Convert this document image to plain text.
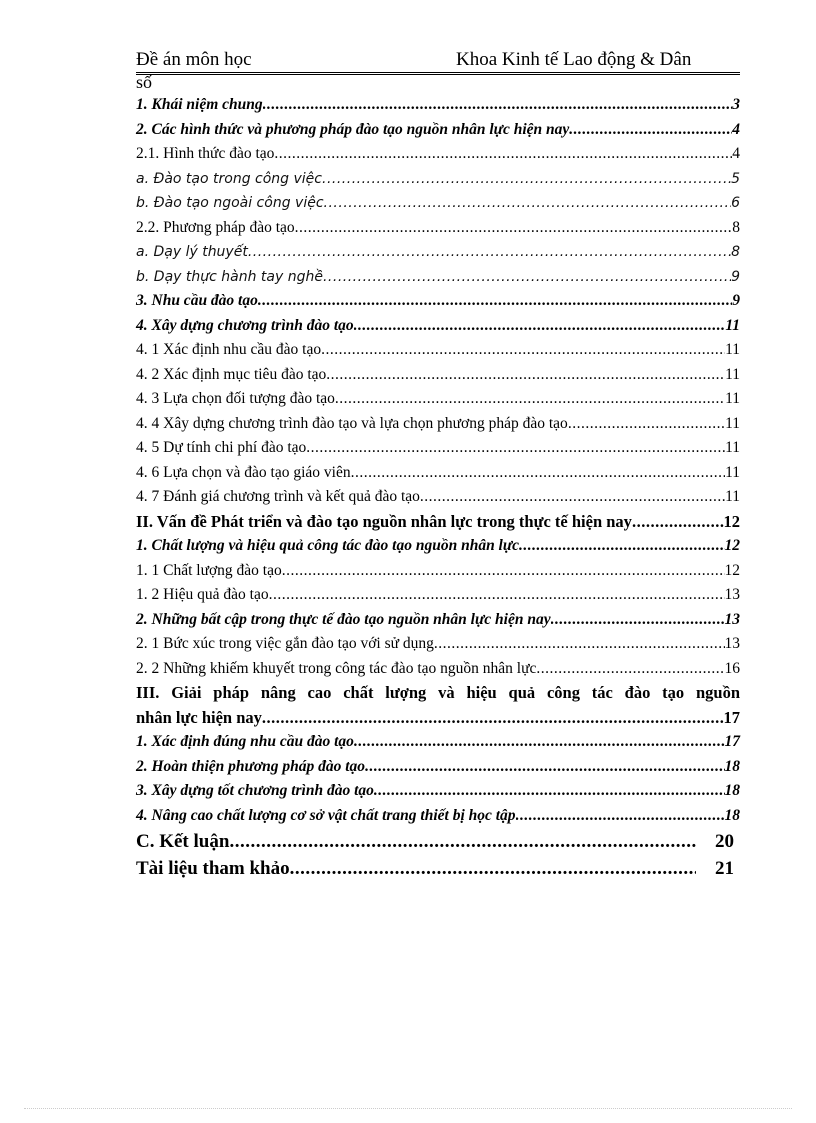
Đề án môn học	Khoa Kinh tế Lao động & Dân
số
1. Khái niệm chung .....	3
2. Các hình thức và phương pháp đào tạo nguồn nhân lực hiện nay .....	4
2.1. Hình thức đào tạo .....	4
a. Đào tạo trong công việc .....	5
b. Đào tạo ngoài công việc .....	6
2.2. Phương pháp đào tạo .....	8
a. Dạy lý thuyết .....	8
b. Dạy thực hành tay nghề .....	9
3. Nhu cầu đào tạo .....	9
4. Xây dựng chương trình đào tạo .....	11
4. 1 Xác định nhu cầu đào tạo .....	11
4. 2 Xác định mục tiêu đào tạo .....	11
4. 3 Lựa chọn đối tượng đào tạo .....	11
4. 4 Xây dựng chương trình đào tạo và lựa chọn phương pháp đào tạo .....	11
4. 5 Dự tính chi phí đào tạo .....	11
4. 6 Lựa chọn và đào tạo giáo viên .....	11
4. 7 Đánh giá chương trình và kết quả đào tạo .....	11
II. Vấn đề Phát triển và đào tạo nguồn nhân lực trong thực tế hiện nay .....	12
1. Chất lượng và hiệu quả công tác đào tạo nguồn nhân lực .....	12
1. 1 Chất lượng đào tạo .....	12
1. 2 Hiệu quả đào tạo .....	13
2. Những bất cập trong thực tế đào tạo nguồn nhân lực hiện nay .....	13
2. 1 Bức xúc trong việc gắn đào tạo với sử dụng .....	13
2. 2 Những khiếm khuyết trong công tác đào tạo nguồn nhân lực .....	16
III. Giải pháp nâng cao chất lượng và hiệu quả công tác đào tạo nguồn
nhân lực hiện nay .....	17
1. Xác định đúng nhu cầu đào tạo .....	17
2. Hoàn thiện phương pháp đào tạo .....	18
3. Xây dựng tốt chương trình đào tạo .....	18
4. Nâng cao chất lượng cơ sở vật chất trang thiết bị học tập .....	18
C. Kết luận .....	20
Tài liệu tham khảo .....	21
